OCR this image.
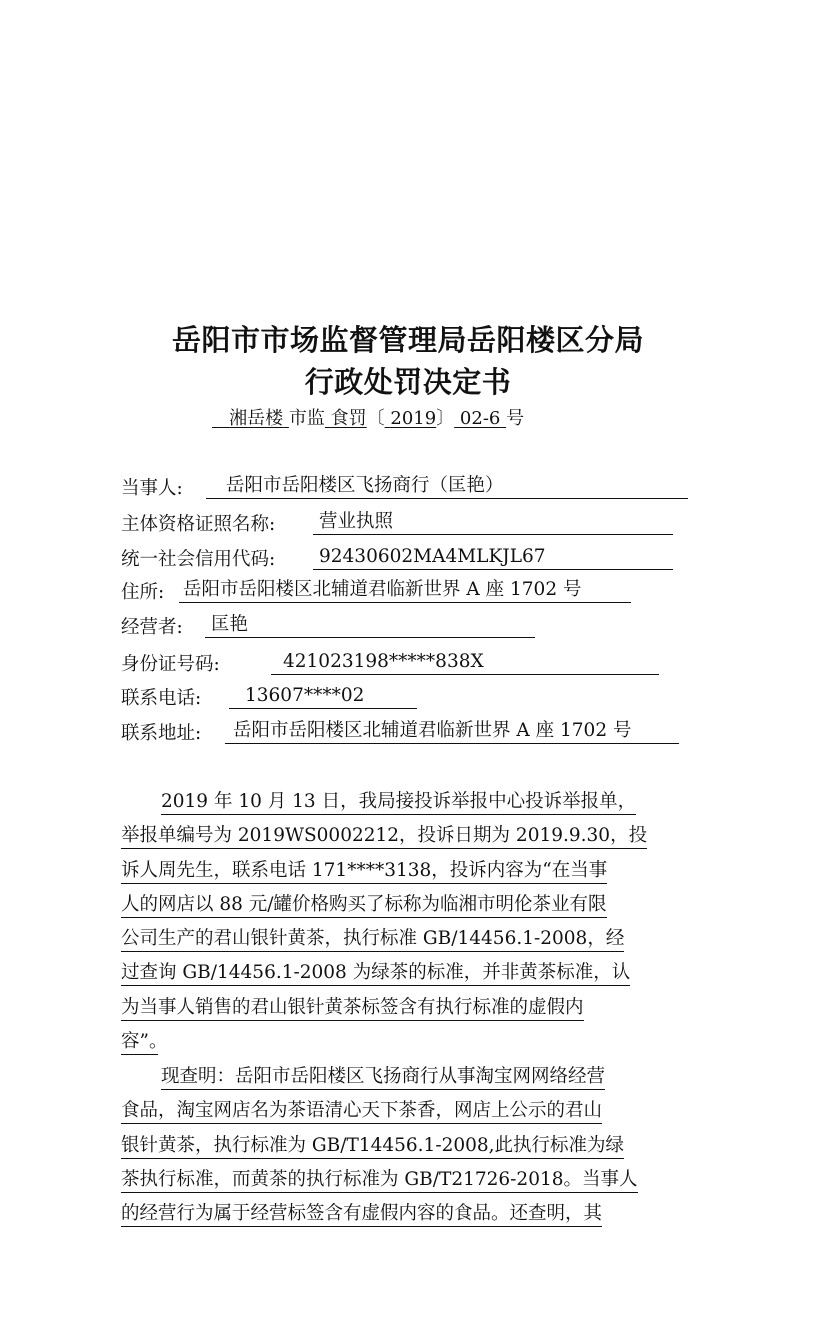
岳阳市市场监督管理局岳阳楼区分局
行政处罚决定书
湘岳楼 市监 食罚〔 2019〕 02-6 号
当事人:	岳阳市岳阳楼区飞扬商行（匡艳）
主体资格证照名称:	营业执照
统一社会信用代码:	92430602MA4MLKJL67
住所: 岳阳市岳阳楼区北辅道君临新世界 A 座 1702 号
经营者:	匡艳
身份证号码:	421023198*****838X
联系电话:	13607****02
联系地址:	岳阳市岳阳楼区北辅道君临新世界 A 座 1702 号
2019 年 10 月 13 日，我局接投诉举报中心投诉举报单，
举报单编号为 2019WS0002212，投诉日期为 2019.9.30，投
诉人周先生，联系电话 171****3138，投诉内容为“在当事
人的网店以 88 元/罐价格购买了标称为临湘市明伦茶业有限
公司生产的君山银针黄茶，执行标准 GB/14456.1-2008，经
过查询 GB/14456.1-2008 为绿茶的标准，并非黄茶标准，认
为当事人销售的君山银针黄茶标签含有执行标准的虚假内
容”。　
现查明：岳阳市岳阳楼区飞扬商行从事淘宝网网络经营
食品，淘宝网店名为茶语清心天下茶香，网店上公示的君山
银针黄茶，执行标准为 GB/T14456.1-2008,此执行标准为绿
茶执行标准，而黄茶的执行标准为 GB/T21726-2018。当事人
的经营行为属于经营标签含有虚假内容的食品。还查明，其
